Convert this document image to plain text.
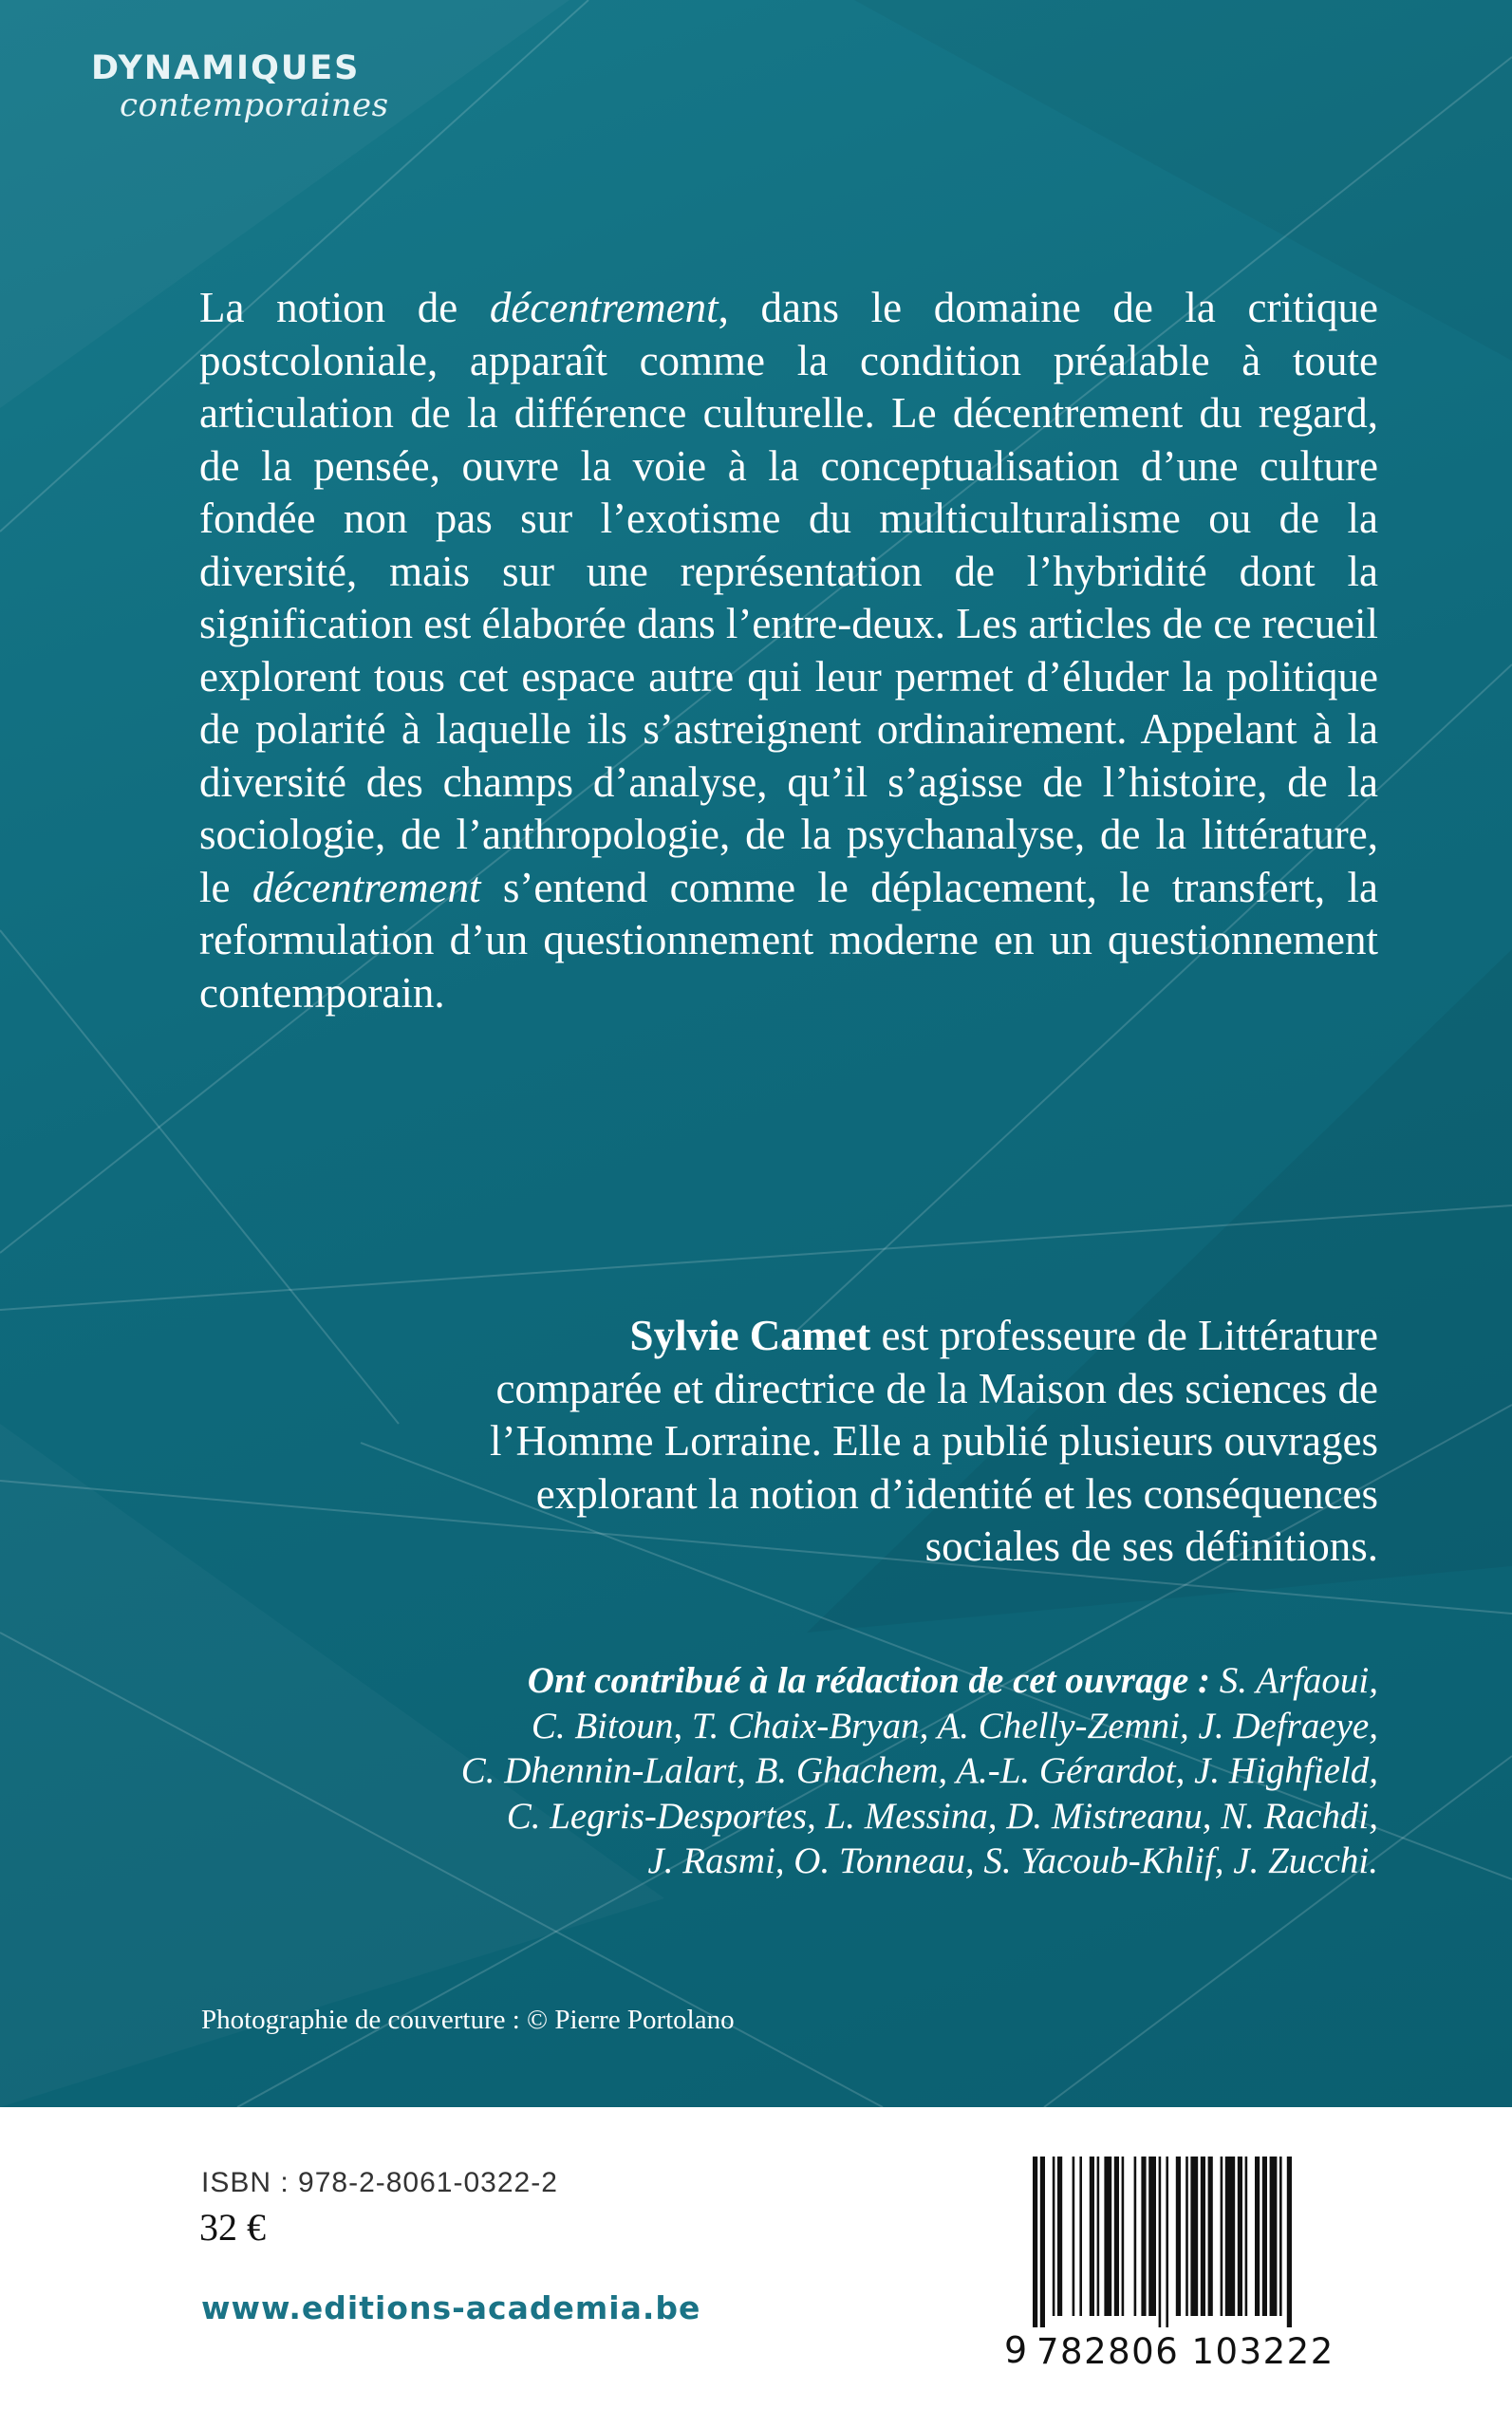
DYNAMIQUES
contemporaines

La notion de décentrement, dans le domaine de la critique postcoloniale, apparaît comme la condition préalable à toute articulation de la différence culturelle. Le décentrement du regard, de la pensée, ouvre la voie à la conceptualisation d’une culture fondée non pas sur l’exotisme du multiculturalisme ou de la diversité, mais sur une représentation de l’hybridité dont la signification est élaborée dans l’entre-deux. Les articles de ce recueil explorent tous cet espace autre qui leur permet d’éluder la politique de polarité à laquelle ils s’astreignent ordinairement. Appelant à la diversité des champs d’analyse, qu’il s’agisse de l’histoire, de la sociologie, de l’anthropologie, de la psychanalyse, de la littérature, le décentrement s’entend comme le déplacement, le transfert, la reformulation d’un questionnement moderne en un questionnement contemporain.

Sylvie Camet est professeure de Littérature
comparée et directrice de la Maison des sciences de
l’Homme Lorraine. Elle a publié plusieurs ouvrages
explorant la notion d’identité et les conséquences
sociales de ses définitions.

Ont contribué à la rédaction de cet ouvrage : S. Arfaoui,
C. Bitoun, T. Chaix-Bryan, A. Chelly-Zemni, J. Defraeye,
C. Dhennin-Lalart, B. Ghachem, A.-L. Gérardot, J. Highfield,
C. Legris-Desportes, L. Messina, D. Mistreanu, N. Rachdi,
J. Rasmi, O. Tonneau, S. Yacoub-Khlif, J. Zucchi.

Photographie de couverture : © Pierre Portolano
ISBN : 978-2-8061-0322-2
32 €
www.editions-academia.be
9 782806 103222
